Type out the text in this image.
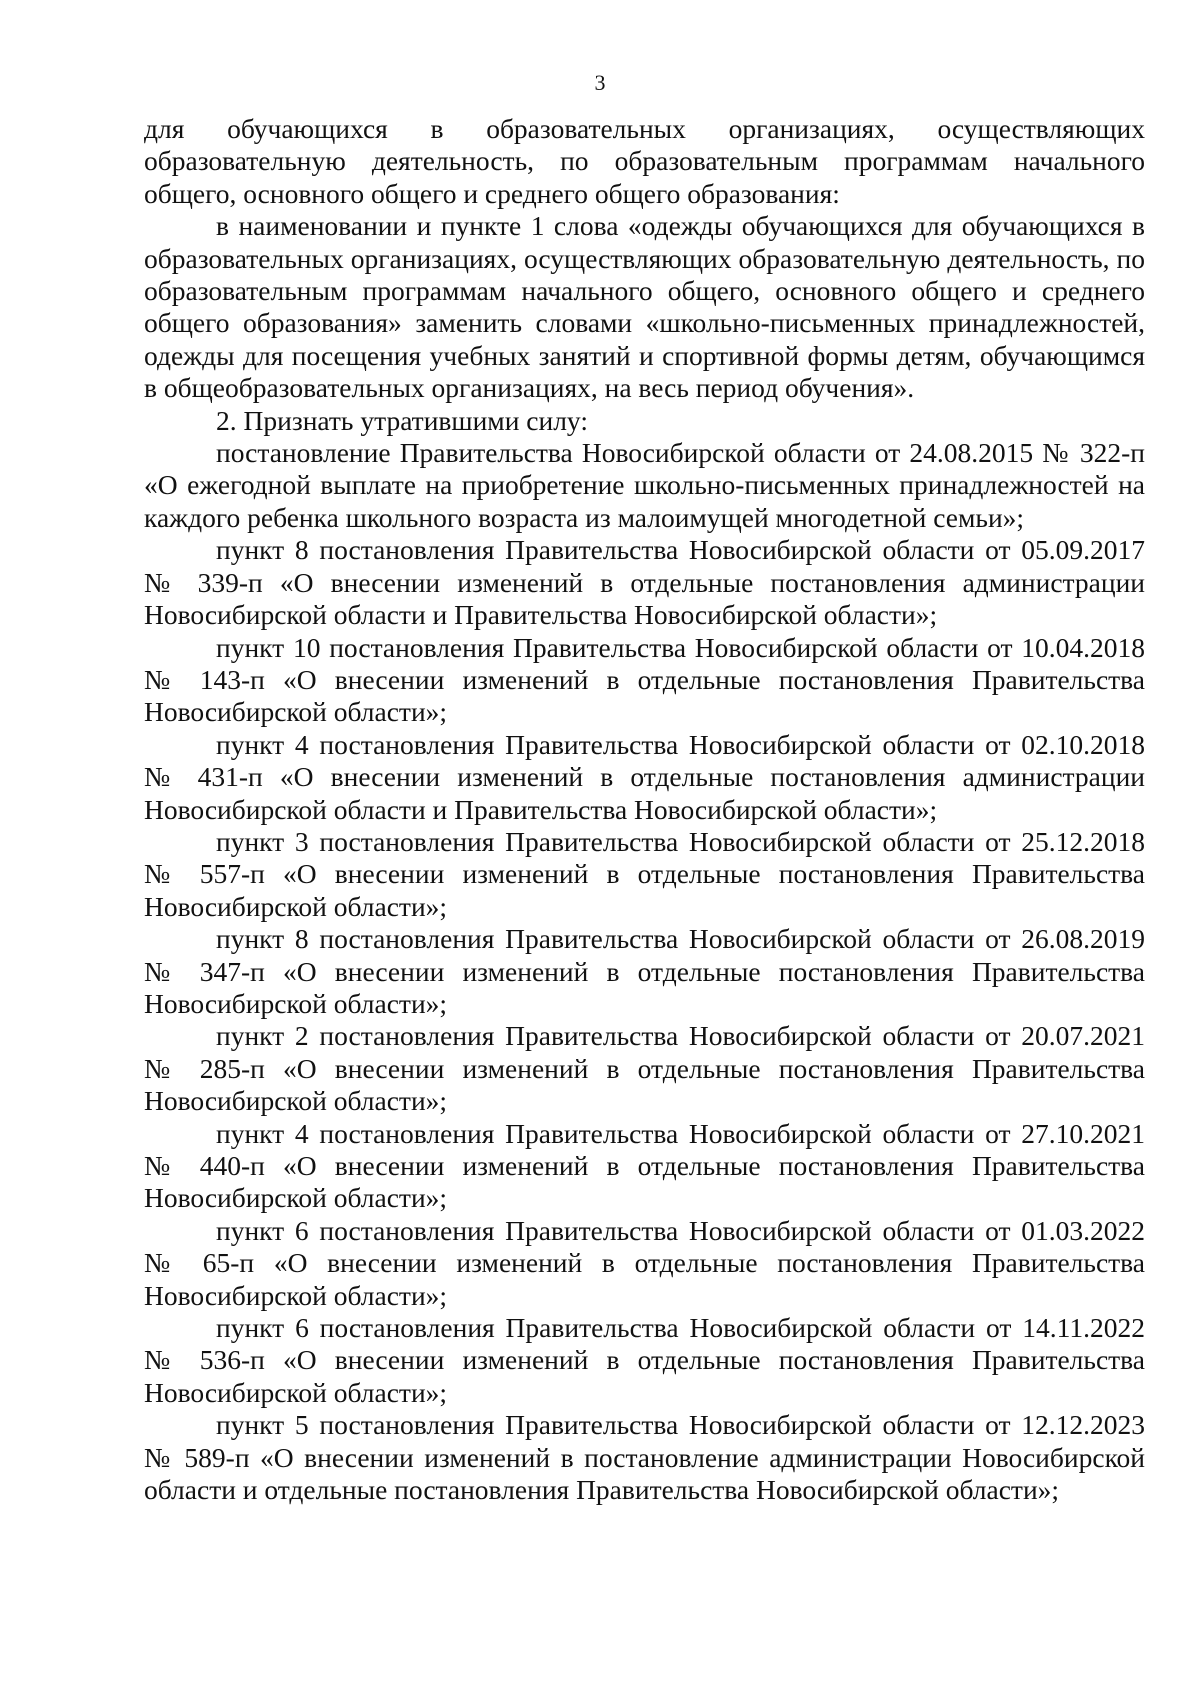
3

для обучающихся в образовательных организациях, осуществляющих образовательную деятельность, по образовательным программам начального общего, основного общего и среднего общего образования:

в наименовании и пункте 1 слова «одежды обучающихся для обучающихся в образовательных организациях, осуществляющих образовательную деятельность, по образовательным программам начального общего, основного общего и среднего общего образования» заменить словами «школьно-письменных принадлежностей, одежды для посещения учебных занятий и спортивной формы детям, обучающимся в общеобразовательных организациях, на весь период обучения».

2. Признать утратившими силу:

постановление Правительства Новосибирской области от 24.08.2015 № 322-п «О ежегодной выплате на приобретение школьно-письменных принадлежностей на каждого ребенка школьного возраста из малоимущей многодетной семьи»;

пункт 8 постановления Правительства Новосибирской области от 05.09.2017 № 339-п «О внесении изменений в отдельные постановления администрации Новосибирской области и Правительства Новосибирской области»;

пункт 10 постановления Правительства Новосибирской области от 10.04.2018 № 143-п «О внесении изменений в отдельные постановления Правительства Новосибирской области»;

пункт 4 постановления Правительства Новосибирской области от 02.10.2018 № 431-п «О внесении изменений в отдельные постановления администрации Новосибирской области и Правительства Новосибирской области»;

пункт 3 постановления Правительства Новосибирской области от 25.12.2018 № 557-п «О внесении изменений в отдельные постановления Правительства Новосибирской области»;

пункт 8 постановления Правительства Новосибирской области от 26.08.2019 № 347-п «О внесении изменений в отдельные постановления Правительства Новосибирской области»;

пункт 2 постановления Правительства Новосибирской области от 20.07.2021 № 285-п «О внесении изменений в отдельные постановления Правительства Новосибирской области»;

пункт 4 постановления Правительства Новосибирской области от 27.10.2021 № 440-п «О внесении изменений в отдельные постановления Правительства Новосибирской области»;

пункт 6 постановления Правительства Новосибирской области от 01.03.2022 № 65-п «О внесении изменений в отдельные постановления Правительства Новосибирской области»;

пункт 6 постановления Правительства Новосибирской области от 14.11.2022 № 536-п «О внесении изменений в отдельные постановления Правительства Новосибирской области»;

пункт 5 постановления Правительства Новосибирской области от 12.12.2023 № 589-п «О внесении изменений в постановление администрации Новосибирской области и отдельные постановления Правительства Новосибирской области»;
